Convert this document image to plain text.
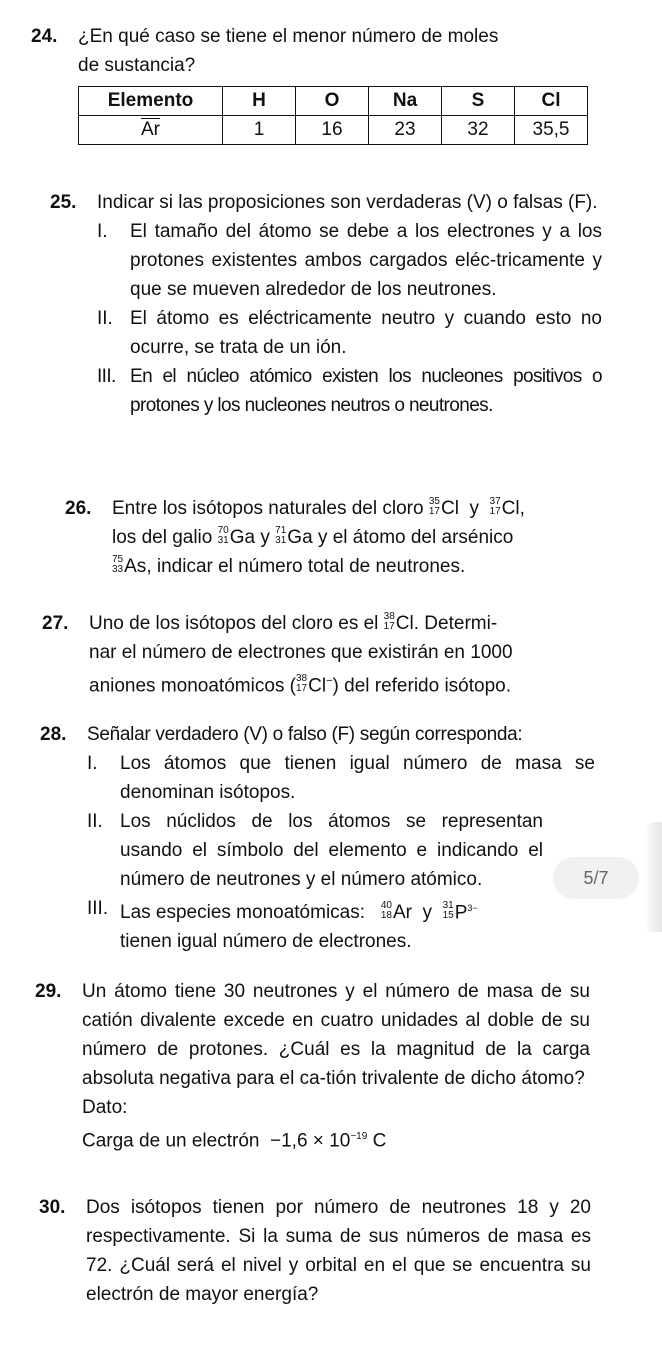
24. ¿En qué caso se tiene el menor número de moles

de sustancia?

Elemento	H	O	Na	S	Cl
$\overline{Ar}$	1	16	23	32	35,5
25. Indicar si las proposiciones son verdaderas (V) o falsas (F).

I. El tamaño del átomo se debe a los electrones y a los protones existentes ambos cargados eléc-tricamente y que se mueven alrededor de los neutrones.
II. El átomo es eléctricamente neutro y cuando esto no ocurre, se trata de un ión.
III. En el núcleo atómico existen los nucleones positivos o protones y los nucleones neutros o neutrones.
26. Entre los isótopos naturales del cloro 35
17 Cl y 37
17 Cl,

los del galio 70
31 Ga y 71
31 Ga y el átomo del arsénico

75
33 As, indicar el número total de neutrones.

27. Uno de los isótopos del cloro es el 38
17 Cl. Determi-

nar el número de electrones que existirán en 1000

aniones monoatómicos ( 38
17 Cl−) del referido isótopo.

28. Señalar verdadero (V) o falso (F) según corresponda:

I. Los átomos que tienen igual número de masa se denominan isótopos.
II. Los núclidos de los átomos se representan usando el símbolo del elemento e indicando el número de neutrones y el número atómico.
III. Las especies monoatómicas: 40
18 Ar y 31
15 $P^{3-}$
tienen igual número de electrones.
29. Un átomo tiene 30 neutrones y el número de masa de su catión divalente excede en cuatro unidades al doble de su número de protones. ¿Cuál es la magnitud de la carga absoluta negativa para el ca-tión trivalente de dicho átomo?

Dato:

Carga de un electrón $-1,6 \times 10^{-19}$ C

30. Dos isótopos tienen por número de neutrones 18 y 20 respectivamente. Si la suma de sus números de masa es 72. ¿Cuál será el nivel y orbital en el que se encuentra su electrón de mayor energía?

5/7
